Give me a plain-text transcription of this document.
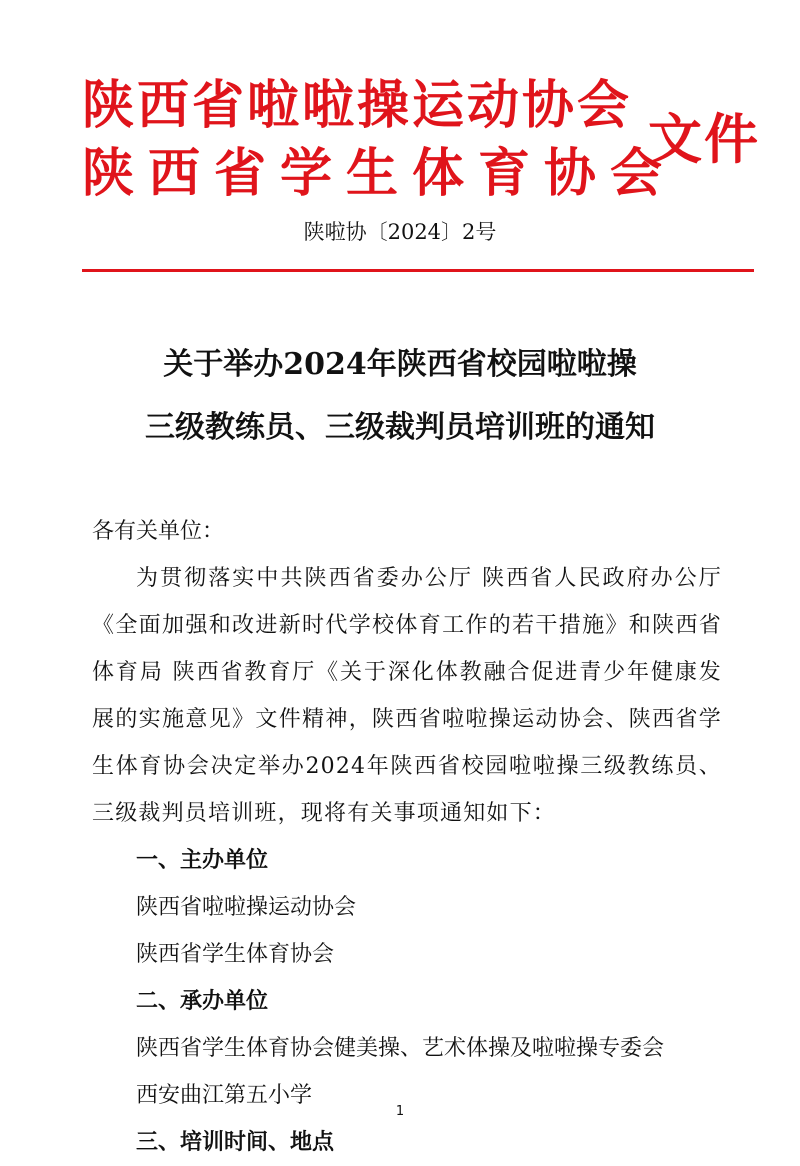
陕西省啦啦操运动协会
陕西省学生体育协会
文件
陕啦协〔2024〕2号
关于举办2024年陕西省校园啦啦操
三级教练员、三级裁判员培训班的通知

各有关单位：

为贯彻落实中共陕西省委办公厅 陕西省人民政府办公厅《全面加强和改进新时代学校体育工作的若干措施》和陕西省体育局 陕西省教育厅《关于深化体教融合促进青少年健康发展的实施意见》文件精神，陕西省啦啦操运动协会、陕西省学生体育协会决定举办2024年陕西省校园啦啦操三级教练员、三级裁判员培训班，现将有关事项通知如下：

一、主办单位

陕西省啦啦操运动协会

陕西省学生体育协会

二、承办单位

陕西省学生体育协会健美操、艺术体操及啦啦操专委会

西安曲江第五小学

三、培训时间、地点

1
